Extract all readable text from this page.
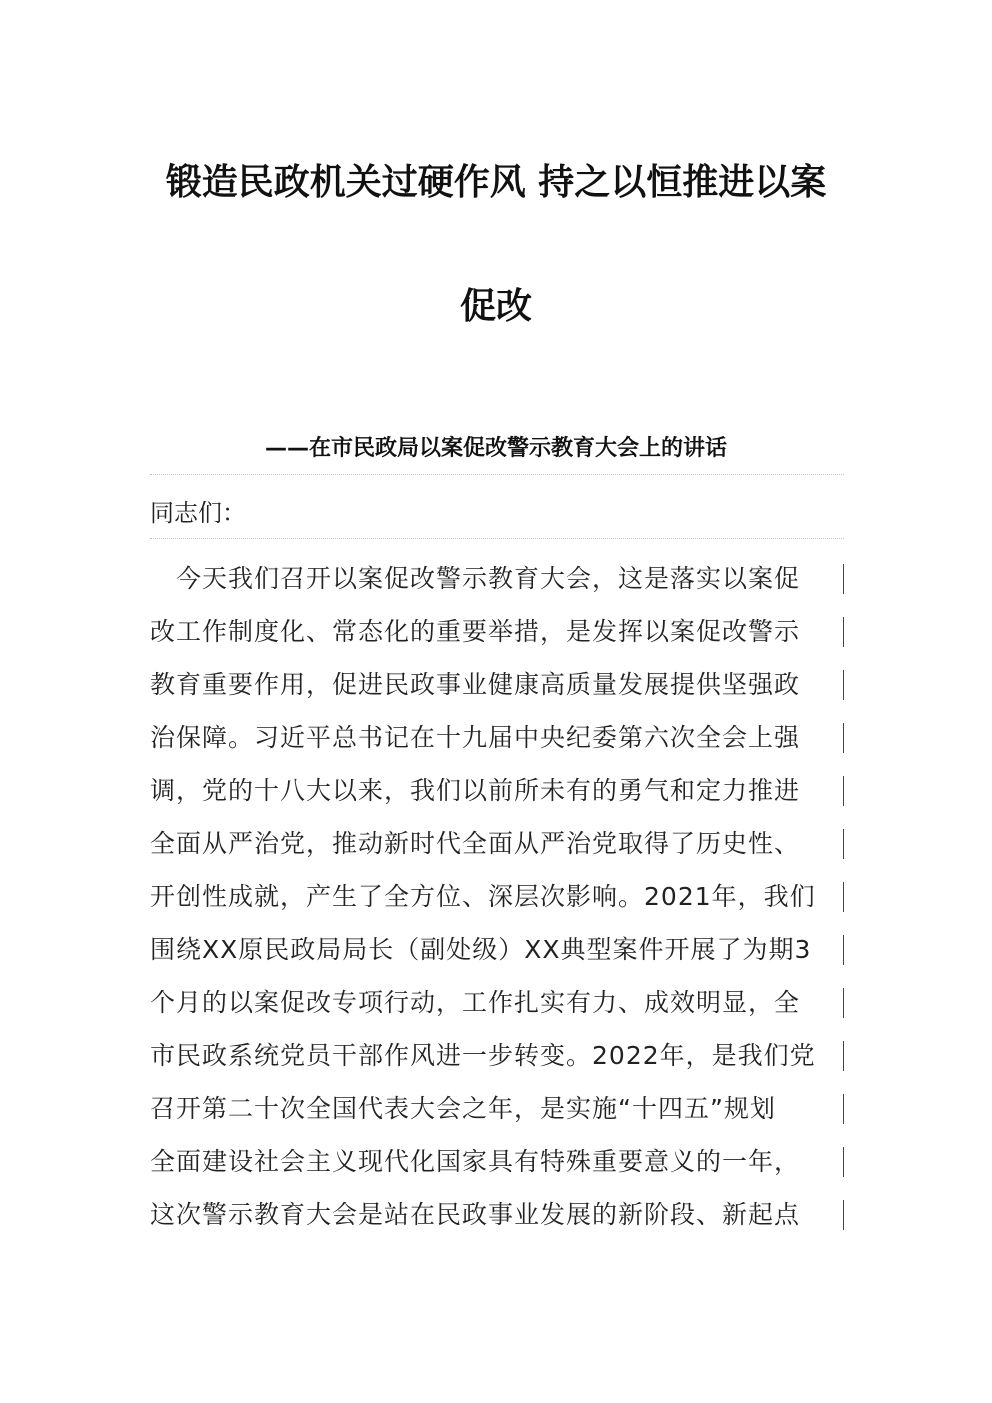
锻造民政机关过硬作风 持之以恒推进以案
促改
——在市民政局以案促改警示教育大会上的讲话
同志们：
　今天我们召开以案促改警示教育大会，这是落实以案促
改工作制度化、常态化的重要举措，是发挥以案促改警示
教育重要作用，促进民政事业健康高质量发展提供坚强政
治保障。习近平总书记在十九届中央纪委第六次全会上强
调，党的十八大以来，我们以前所未有的勇气和定力推进
全面从严治党，推动新时代全面从严治党取得了历史性、
开创性成就，产生了全方位、深层次影响。2021年，我们
围绕XX原民政局局长（副处级）XX典型案件开展了为期3
个月的以案促改专项行动，工作扎实有力、成效明显，全
市民政系统党员干部作风进一步转变。2022年，是我们党
召开第二十次全国代表大会之年，是实施“十四五”规划
全面建设社会主义现代化国家具有特殊重要意义的一年，
这次警示教育大会是站在民政事业发展的新阶段、新起点
